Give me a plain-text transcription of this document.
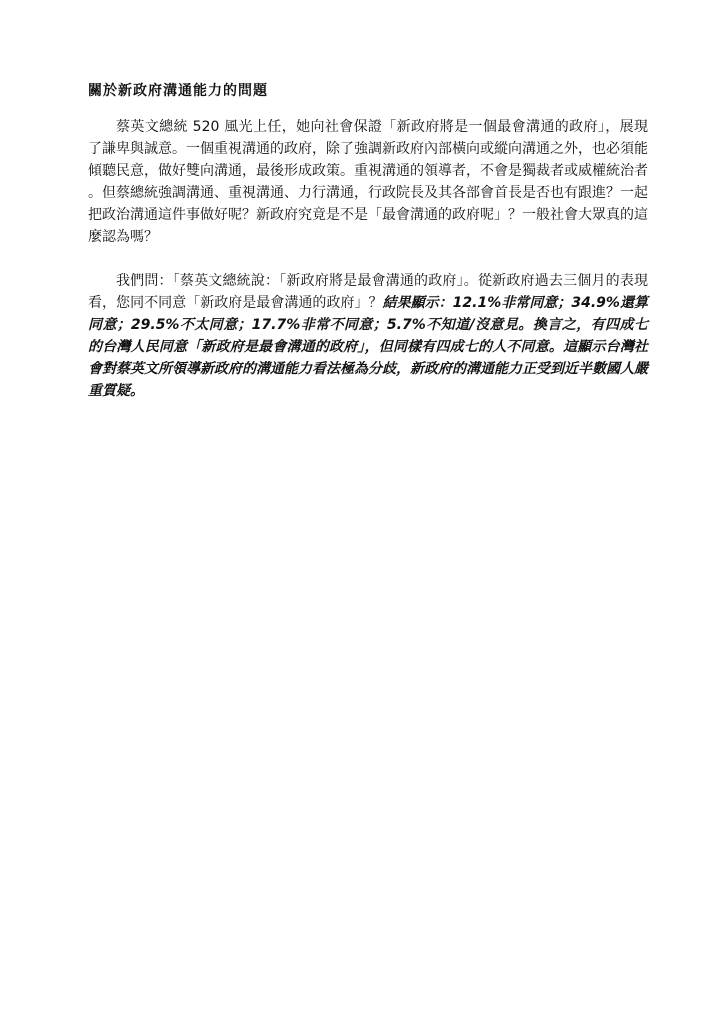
關於新政府溝通能力的問題

蔡英文總統 520 風光上任，她向社會保證「新政府將是一個最會溝通的政府」，展現了謙卑與誠意。一個重視溝通的政府，除了強調新政府內部橫向或縱向溝通之外，也必須能傾聽民意，做好雙向溝通，最後形成政策。重視溝通的領導者，不會是獨裁者或威權統治者。但蔡總統強調溝通、重視溝通、力行溝通，行政院長及其各部會首長是否也有跟進？一起把政治溝通這件事做好呢？新政府究竟是不是「最會溝通的政府呢」？一般社會大眾真的這麼認為嗎？

我們問：「蔡英文總統說：「新政府將是最會溝通的政府」。從新政府過去三個月的表現看，您同不同意「新政府是最會溝通的政府」？結果顯示：12.1%非常同意；34.9%還算同意；29.5%不太同意；17.7%非常不同意；5.7%不知道/沒意見。換言之，有四成七的台灣人民同意「新政府是最會溝通的政府」，但同樣有四成七的人不同意。這顯示台灣社會對蔡英文所領導新政府的溝通能力看法極為分歧，新政府的溝通能力正受到近半數國人嚴重質疑。
